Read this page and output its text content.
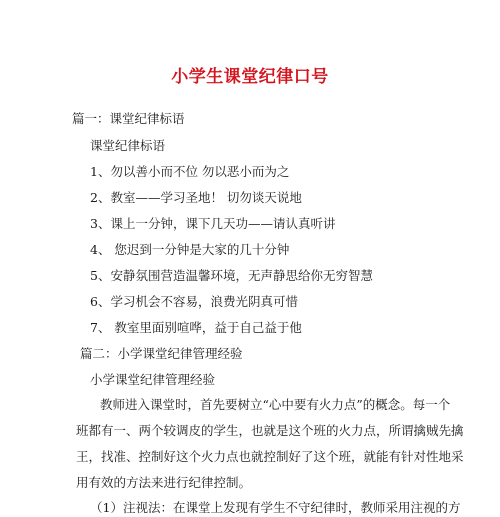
小学生课堂纪律口号
篇一：课堂纪律标语
课堂纪律标语
1、勿以善小而不位 勿以恶小而为之
2、教室——学习圣地！ 切勿谈天说地
3、课上一分钟，课下几天功——请认真听讲
4、 您迟到一分钟是大家的几十分钟
5、安静氛围营造温馨环境，无声静思给你无穷智慧
6、学习机会不容易，浪费光阴真可惜
7、 教室里面别喧哗，益于自己益于他
篇二：小学课堂纪律管理经验
小学课堂纪律管理经验
教师进入课堂时，首先要树立“心中要有火力点”的概念。每一个
班都有一、两个较调皮的学生，也就是这个班的火力点，所谓擒贼先擒
王，找准、控制好这个火力点也就控制好了这个班，就能有针对性地采
用有效的方法来进行纪律控制。
（1）注视法：在课堂上发现有学生不守纪律时，教师采用注视的方
